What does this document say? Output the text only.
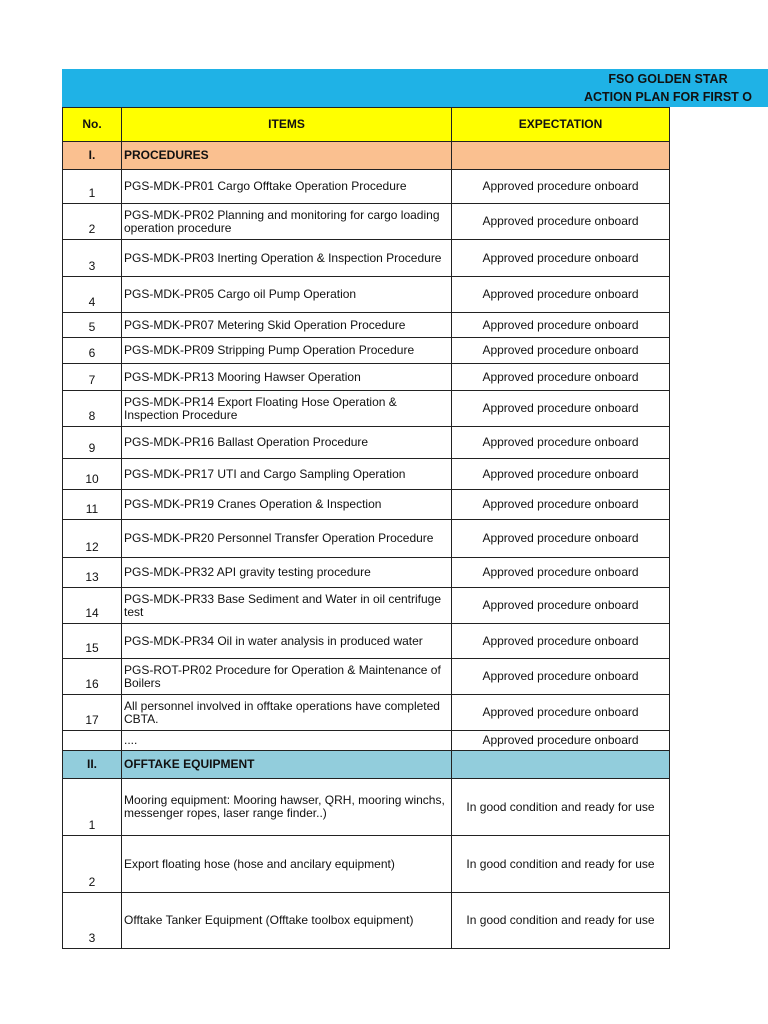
FSO GOLDEN STAR
ACTION PLAN FOR FIRST O
No.	ITEMS	EXPECTATION
I.	PROCEDURES	
1	PGS-MDK-PR01 Cargo Offtake Operation Procedure	Approved procedure onboard
2	PGS-MDK-PR02 Planning and monitoring for cargo loading operation procedure	Approved procedure onboard
3	PGS-MDK-PR03 Inerting Operation & Inspection Procedure	Approved procedure onboard
4	PGS-MDK-PR05 Cargo oil Pump Operation	Approved procedure onboard
5	PGS-MDK-PR07 Metering Skid Operation Procedure	Approved procedure onboard
6	PGS-MDK-PR09 Stripping Pump Operation Procedure	Approved procedure onboard
7	PGS-MDK-PR13 Mooring Hawser Operation	Approved procedure onboard
8	PGS-MDK-PR14 Export Floating Hose Operation & Inspection Procedure	Approved procedure onboard
9	PGS-MDK-PR16 Ballast Operation Procedure	Approved procedure onboard
10	PGS-MDK-PR17 UTI and Cargo Sampling Operation	Approved procedure onboard
11	PGS-MDK-PR19 Cranes Operation & Inspection	Approved procedure onboard
12	PGS-MDK-PR20 Personnel Transfer Operation Procedure	Approved procedure onboard
13	PGS-MDK-PR32 API gravity testing procedure	Approved procedure onboard
14	PGS-MDK-PR33 Base Sediment and Water in oil centrifuge test	Approved procedure onboard
15	PGS-MDK-PR34 Oil in water analysis in produced water	Approved procedure onboard
16	PGS-ROT-PR02 Procedure for Operation & Maintenance of Boilers	Approved procedure onboard
17	All personnel involved in offtake operations have completed CBTA.	Approved procedure onboard
	....	Approved procedure onboard
II.	OFFTAKE EQUIPMENT	
1	Mooring equipment: Mooring hawser, QRH, mooring winchs, messenger ropes, laser range finder..)	In good condition and ready for use
2	Export floating hose (hose and ancilary equipment)	In good condition and ready for use
3	Offtake Tanker Equipment (Offtake toolbox equipment)	In good condition and ready for use
